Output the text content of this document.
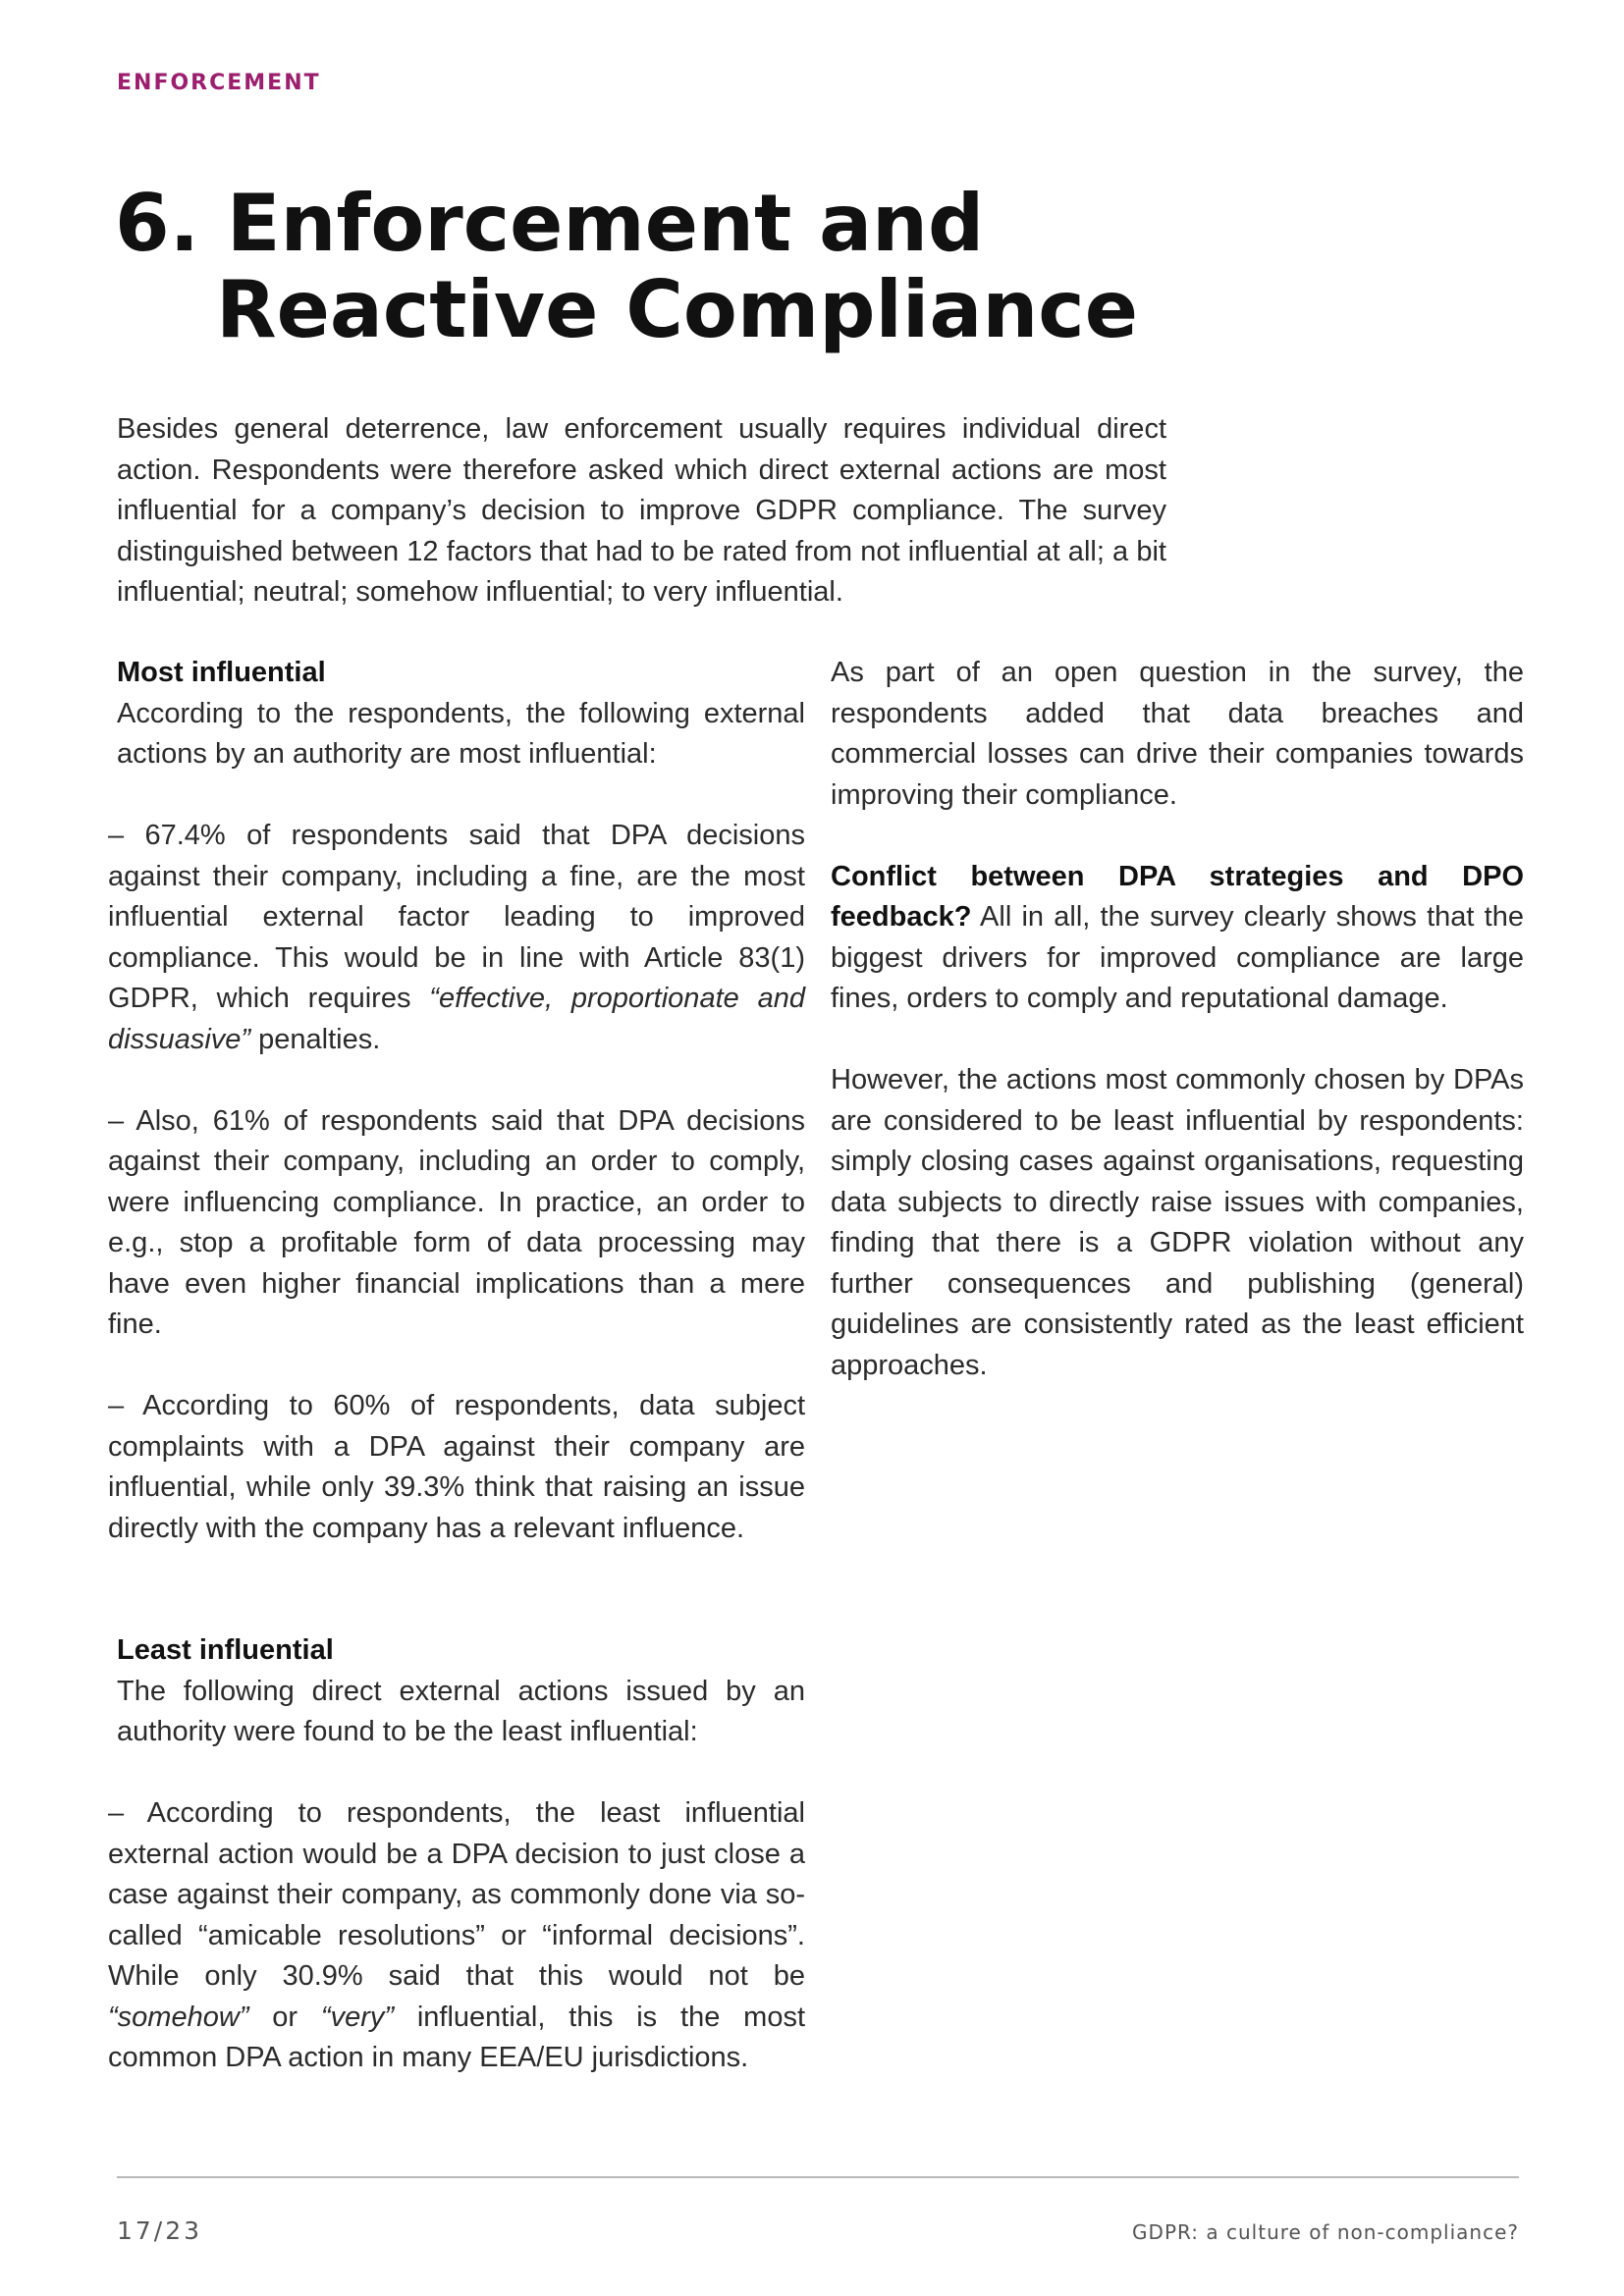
ENFORCEMENT
6. Enforcement and
Reactive Compliance

Besides general deterrence, law enforcement usually requires individual direct action. Respondents were therefore asked which direct external actions are most influential for a company’s decision to improve GDPR compliance. The survey distinguished between 12 factors that had to be rated from not influential at all; a bit influential; neutral; somehow influential; to very influential.

Most influential

According to the respondents, the following external actions by an authority are most influential:

– 67.4% of respondents said that DPA decisions against their company, including a fine, are the most influential external factor leading to improved compliance. This would be in line with Article 83(1) GDPR, which requires “effective, proportionate and dissuasive” penalties.

– Also, 61% of respondents said that DPA decisions against their company, including an order to comply, were influencing compliance. In practice, an order to e.g., stop a profitable form of data processing may have even higher financial implications than a mere fine.

– According to 60% of respondents, data subject complaints with a DPA against their company are influential, while only 39.3% think that raising an issue directly with the company has a relevant influence.

Least influential

The following direct external actions issued by an authority were found to be the least influential:

– According to respondents, the least influential external action would be a DPA decision to just close a case against their company, as commonly done via so-called “amicable resolutions” or “informal decisions”. While only 30.9% said that this would not be “somehow” or “very” influential, this is the most common DPA action in many EEA/EU jurisdictions.

As part of an open question in the survey, the respondents added that data breaches and commercial losses can drive their companies towards improving their compliance.

Conflict between DPA strategies and DPO feedback? All in all, the survey clearly shows that the biggest drivers for improved compliance are large fines, orders to comply and reputational damage.

However, the actions most commonly chosen by DPAs are considered to be least influential by respondents: simply closing cases against organisations, requesting data subjects to directly raise issues with companies, finding that there is a GDPR violation without any further consequences and publishing (general) guidelines are consistently rated as the least efficient approaches.

17/23	GDPR: a culture of non-compliance?
